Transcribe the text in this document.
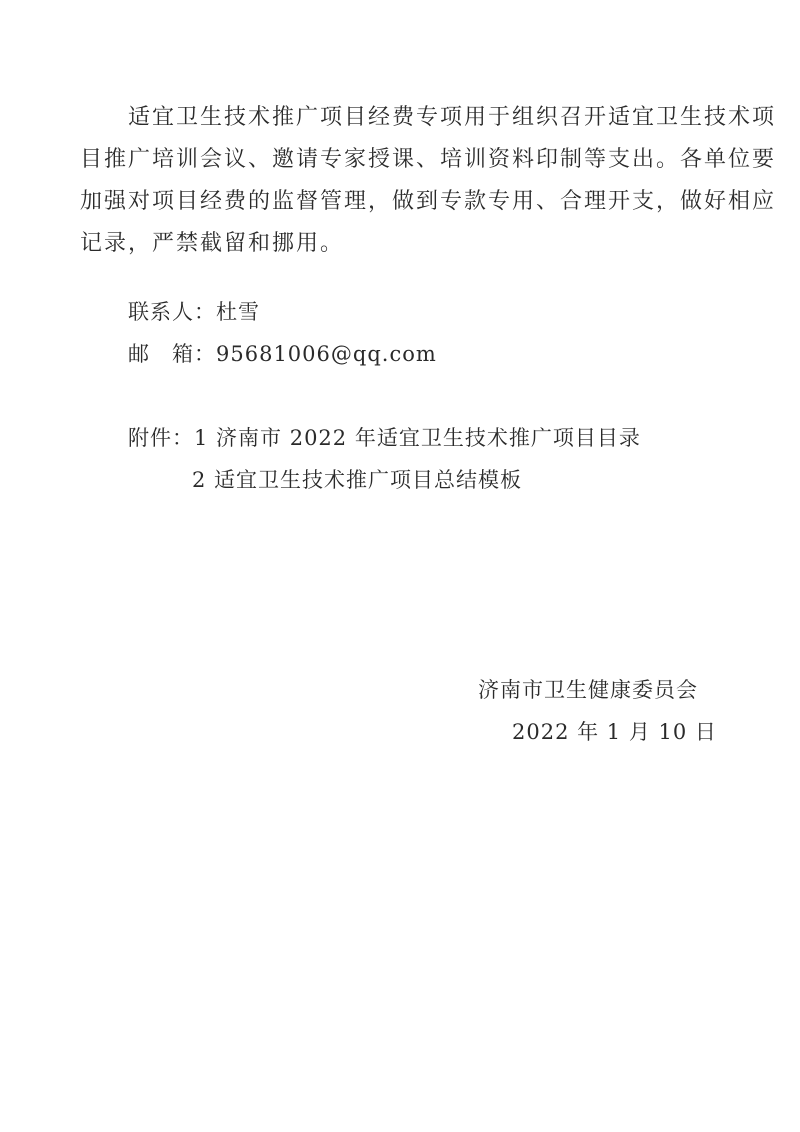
适宜卫生技术推广项目经费专项用于组织召开适宜卫生技术项
目推广培训会议、邀请专家授课、培训资料印制等支出。各单位要
加强对项目经费的监督管理，做到专款专用、合理开支，做好相应
记录，严禁截留和挪用。
联系人：杜雪
邮　箱：95681006@qq.com
附件：1 济南市 2022 年适宜卫生技术推广项目目录
2 适宜卫生技术推广项目总结模板
济南市卫生健康委员会
2022 年 1 月 10 日
